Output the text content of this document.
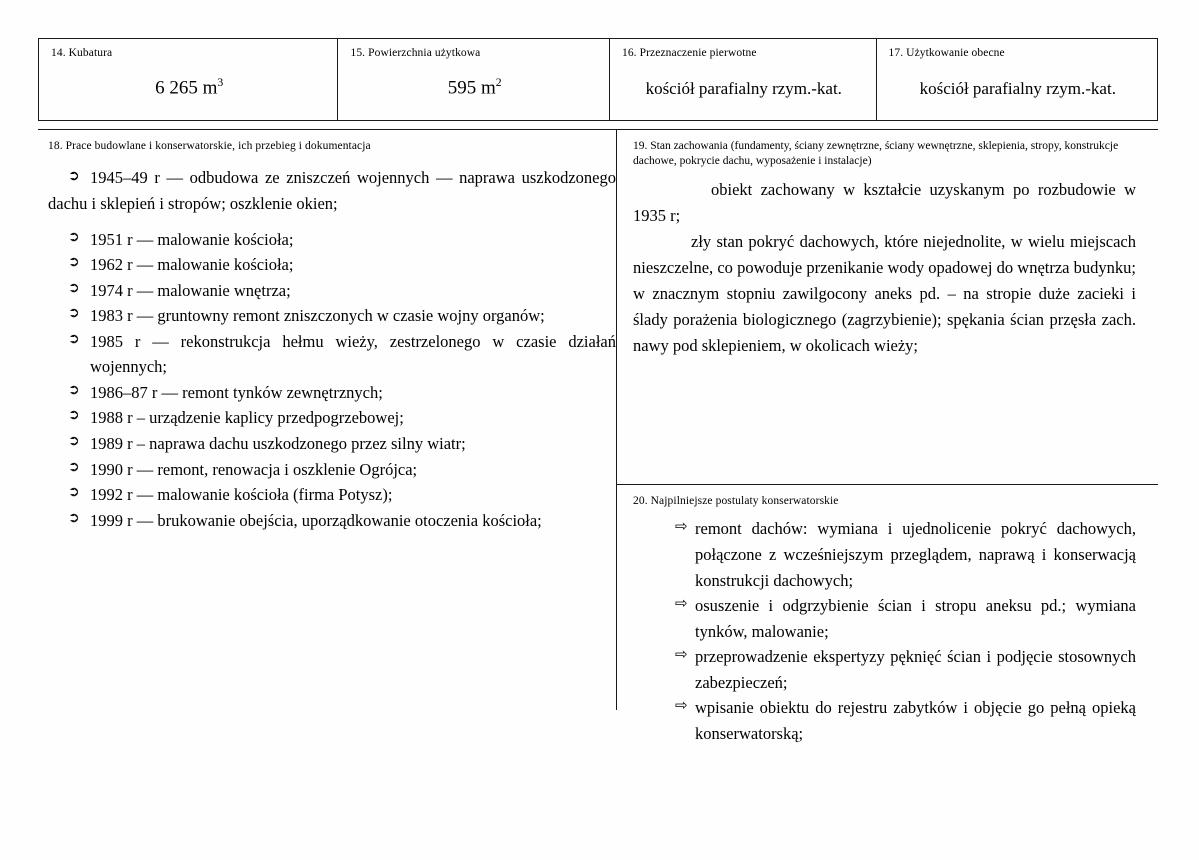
14. Kubatura
6 265 $m^3$
15. Powierzchnia użytkowa
595 $m^2$
16. Przeznaczenie pierwotne
kościół parafialny rzym.-kat.
17. Użytkowanie obecne
kościół parafialny rzym.-kat.
18. Prace budowlane i konserwatorskie, ich przebieg i dokumentacja
➲ 1945–49 r — odbudowa ze zniszczeń wojennych — naprawa uszkodzonego dachu i sklepień i stropów; oszklenie okien;
➲ 1951 r — malowanie kościoła;
➲ 1962 r — malowanie kościoła;
➲ 1974 r — malowanie wnętrza;
➲ 1983 r — gruntowny remont zniszczonych w czasie wojny organów;
➲ 1985 r — rekonstrukcja hełmu wieży, zestrzelonego w czasie działań wojennych;
➲ 1986–87 r — remont tynków zewnętrznych;
➲ 1988 r – urządzenie kaplicy przedpogrzebowej;
➲ 1989 r – naprawa dachu uszkodzonego przez silny wiatr;
➲ 1990 r — remont, renowacja i oszklenie Ogrójca;
➲ 1992 r — malowanie kościoła (firma Potysz);
➲ 1999 r — brukowanie obejścia, uporządkowanie otoczenia kościoła;
19. Stan zachowania (fundamenty, ściany zewnętrzne, ściany wewnętrzne, sklepienia, stropy, konstrukcje dachowe, pokrycie dachu, wyposażenie i instalacje)
obiekt zachowany w kształcie uzyskanym po rozbudowie w 1935 r;
zły stan pokryć dachowych, które niejednolite, w wielu miejscach nieszczelne, co powoduje przenikanie wody opadowej do wnętrza budynku; w znacznym stopniu zawilgocony aneks pd. – na stropie duże zacieki i ślady porażenia biologicznego (zagrzybienie); spękania ścian przęsła zach. nawy pod sklepieniem, w okolicach wieży;
20. Najpilniejsze postulaty konserwatorskie
⇨ remont dachów: wymiana i ujednolicenie pokryć dachowych, połączone z wcześniejszym przeglądem, naprawą i konserwacją konstrukcji dachowych;
⇨ osuszenie i odgrzybienie ścian i stropu aneksu pd.; wymiana tynków, malowanie;
⇨ przeprowadzenie ekspertyzy pęknięć ścian i podjęcie stosownych zabezpieczeń;
⇨ wpisanie obiektu do rejestru zabytków i objęcie go pełną opieką konserwatorską;
